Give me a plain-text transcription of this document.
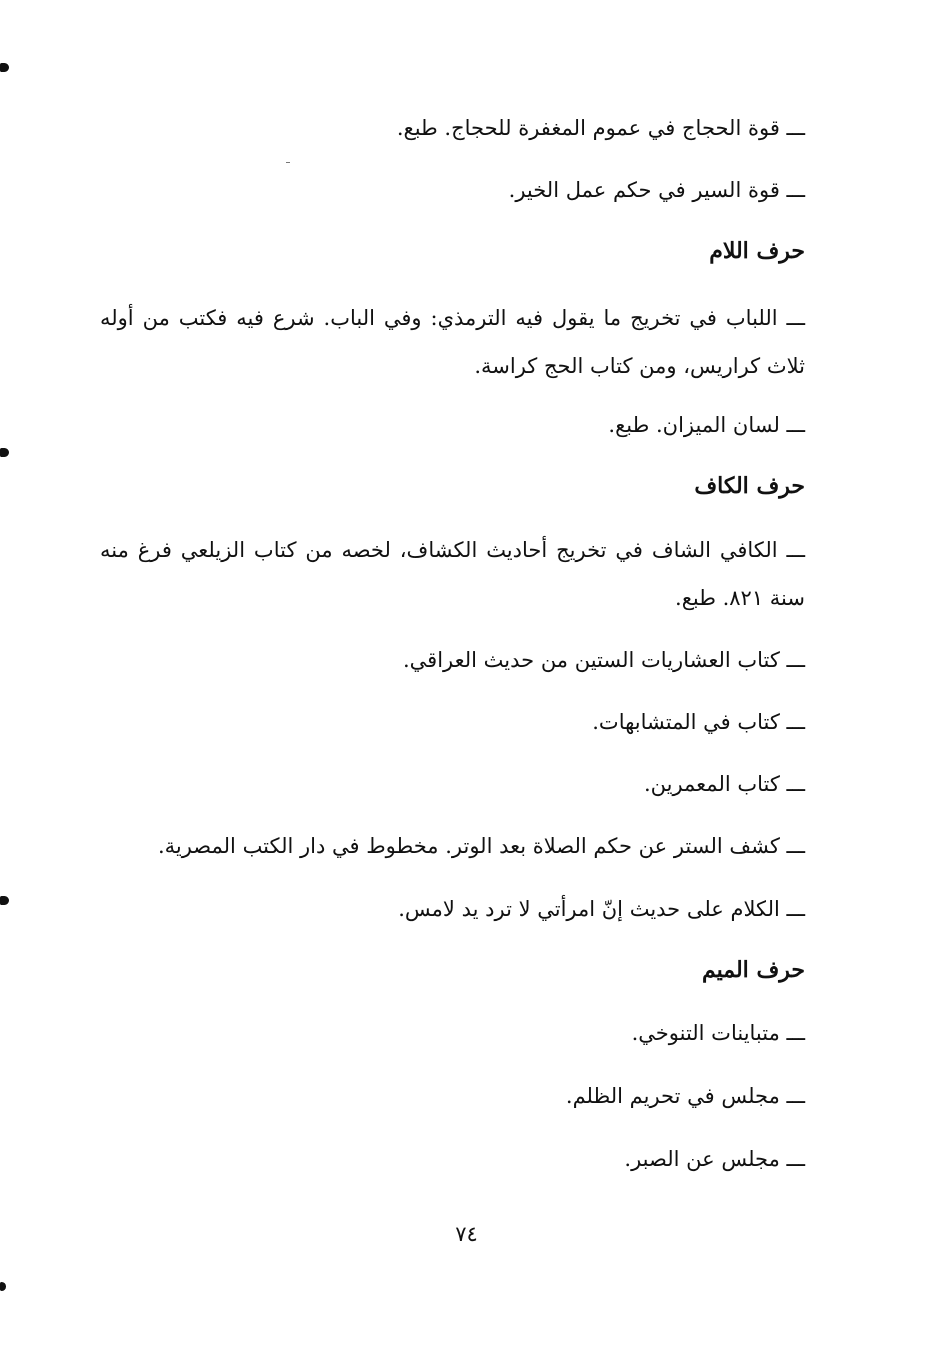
ـــ قوة الحجاج في عموم المغفرة للحجاج. طبع.
ـــ قوة السير في حكم عمل الخير.
حرف اللام
ـــ اللباب في تخريج ما يقول فيه الترمذي: وفي الباب. شرع فيه فكتب من أوله ثلاث كراريس، ومن كتاب الحج كراسة.
ـــ لسان الميزان. طبع.
حرف الكاف
ـــ الكافي الشاف في تخريج أحاديث الكشاف، لخصه من كتاب الزيلعي فرغ منه سنة ٨٢١. طبع.
ـــ كتاب العشاريات الستين من حديث العراقي.
ـــ كتاب في المتشابهات.
ـــ كتاب المعمرين.
ـــ كشف الستر عن حكم الصلاة بعد الوتر. مخطوط في دار الكتب المصرية.
ـــ الكلام على حديث إنّ امرأتي لا ترد يد لامس.
حرف الميم
ـــ متباينات التنوخي.
ـــ مجلس في تحريم الظلم.
ـــ مجلس عن الصبر.
٧٤
